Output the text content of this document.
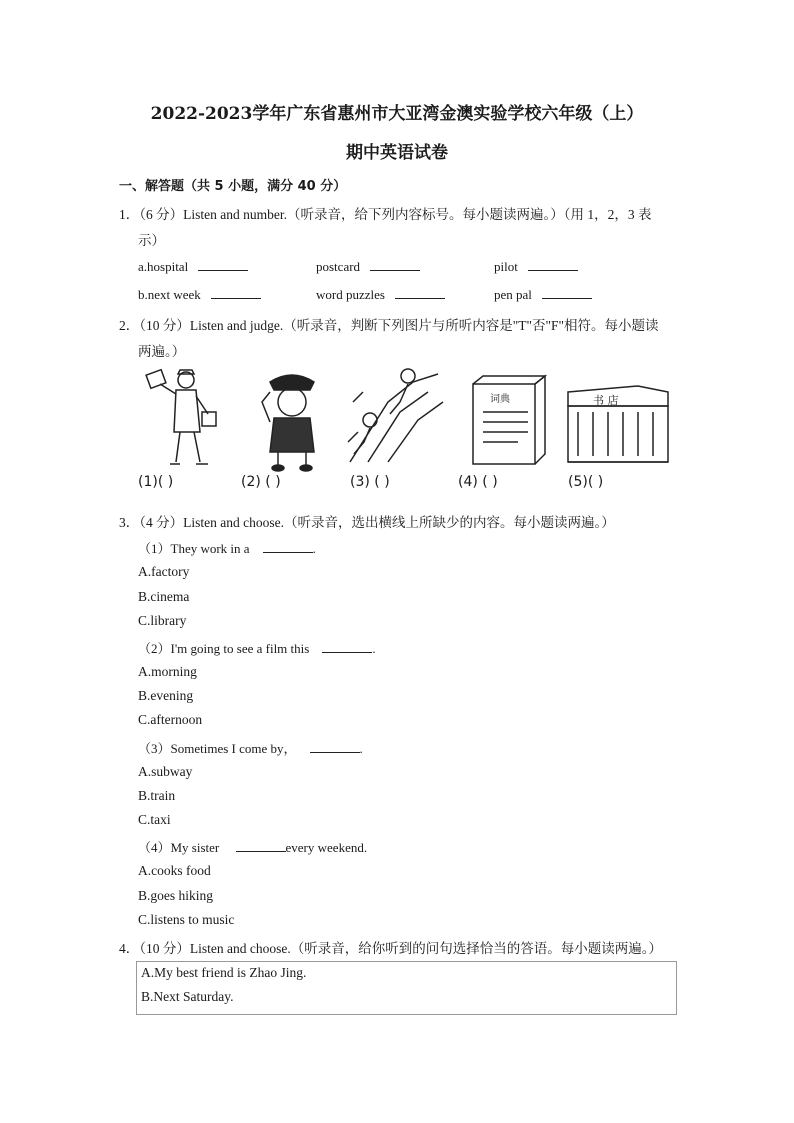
2022-2023学年广东省惠州市大亚湾金澳实验学校六年级（上）
期中英语试卷
一、解答题（共 5 小题，满分 40 分）
1．（6 分）Listen and number.（听录音，给下列内容标号。每小题读两遍。）（用 1，2，3 表
示）
a.hospital	postcard	pilot
b.next week	word puzzles	pen pal
2．（10 分）Listen and judge.（听录音，判断下列图片与所听内容是"T"否"F"相符。每小题读
两遍。）
词典	书 店
(1)( )	(2) ( )	(3) ( )	(4) ( )	(5)( )
3．（4 分）Listen and choose.（听录音，选出横线上所缺少的内容。每小题读两遍。）
（1）They work in a	.
A.factory
B.cinema
C.library
（2）I'm going to see a film this	.
A.morning
B.evening
C.afternoon
（3）Sometimes I come by，	.
A.subway
B.train
C.taxi
（4）My sister	every weekend.
A.cooks food
B.goes hiking
C.listens to music
4．（10 分）Listen and choose.（听录音，给你听到的问句选择恰当的答语。每小题读两遍。）
A.My best friend is Zhao Jing.
B.Next Saturday.
